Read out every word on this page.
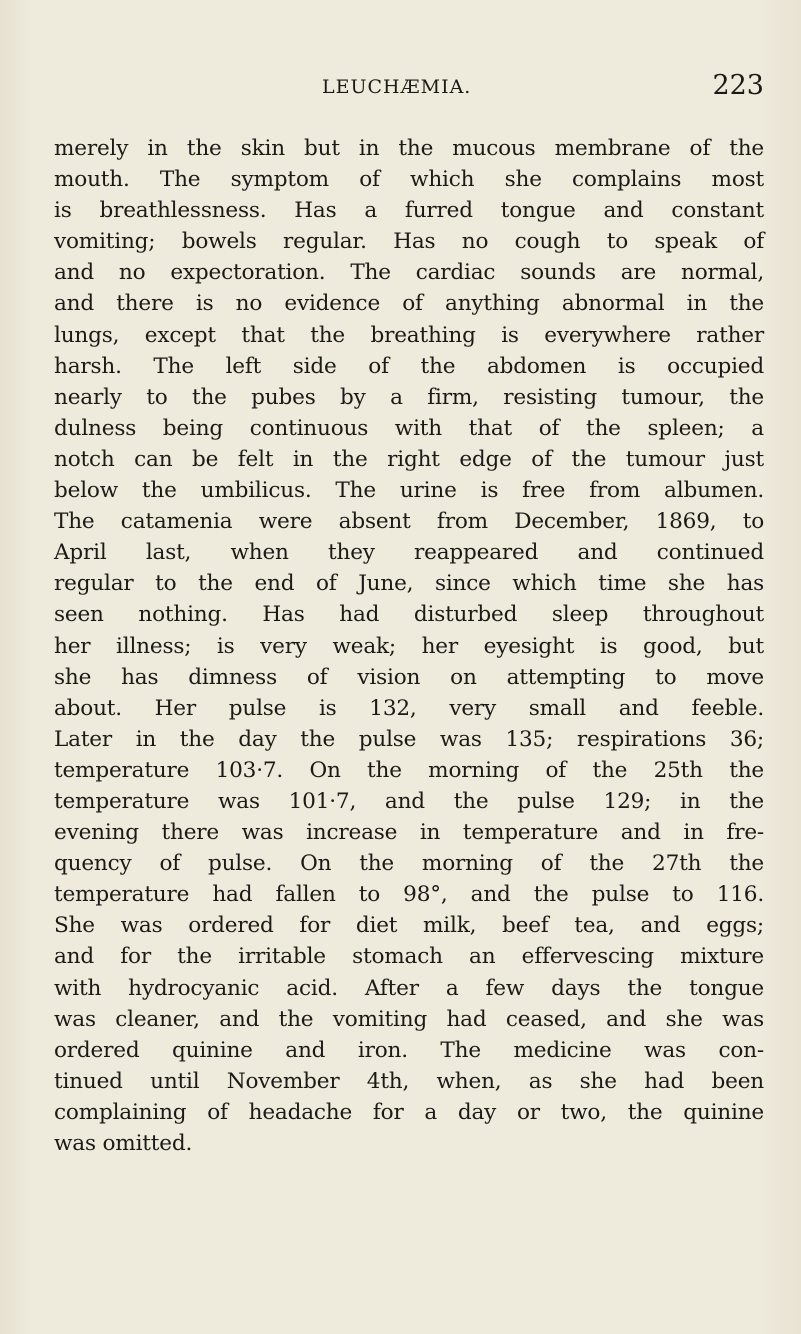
LEUCHÆMIA.	223
merely in the skin but in the mucous membrane of the
mouth. The symptom of which she complains most
is breathlessness. Has a furred tongue and constant
vomiting; bowels regular. Has no cough to speak of
and no expectoration. The cardiac sounds are normal,
and there is no evidence of anything abnormal in the
lungs, except that the breathing is everywhere rather
harsh. The left side of the abdomen is occupied
nearly to the pubes by a firm, resisting tumour, the
dulness being continuous with that of the spleen; a
notch can be felt in the right edge of the tumour just
below the umbilicus. The urine is free from albumen.
The catamenia were absent from December, 1869, to
April last, when they reappeared and continued
regular to the end of June, since which time she has
seen nothing. Has had disturbed sleep throughout
her illness; is very weak; her eyesight is good, but
she has dimness of vision on attempting to move
about. Her pulse is 132, very small and feeble.
Later in the day the pulse was 135; respirations 36;
temperature 103·7. On the morning of the 25th the
temperature was 101·7, and the pulse 129; in the
evening there was increase in temperature and in fre-
quency of pulse. On the morning of the 27th the
temperature had fallen to 98°, and the pulse to 116.
She was ordered for diet milk, beef tea, and eggs;
and for the irritable stomach an effervescing mixture
with hydrocyanic acid. After a few days the tongue
was cleaner, and the vomiting had ceased, and she was
ordered quinine and iron. The medicine was con-
tinued until November 4th, when, as she had been
complaining of headache for a day or two, the quinine
was omitted.
